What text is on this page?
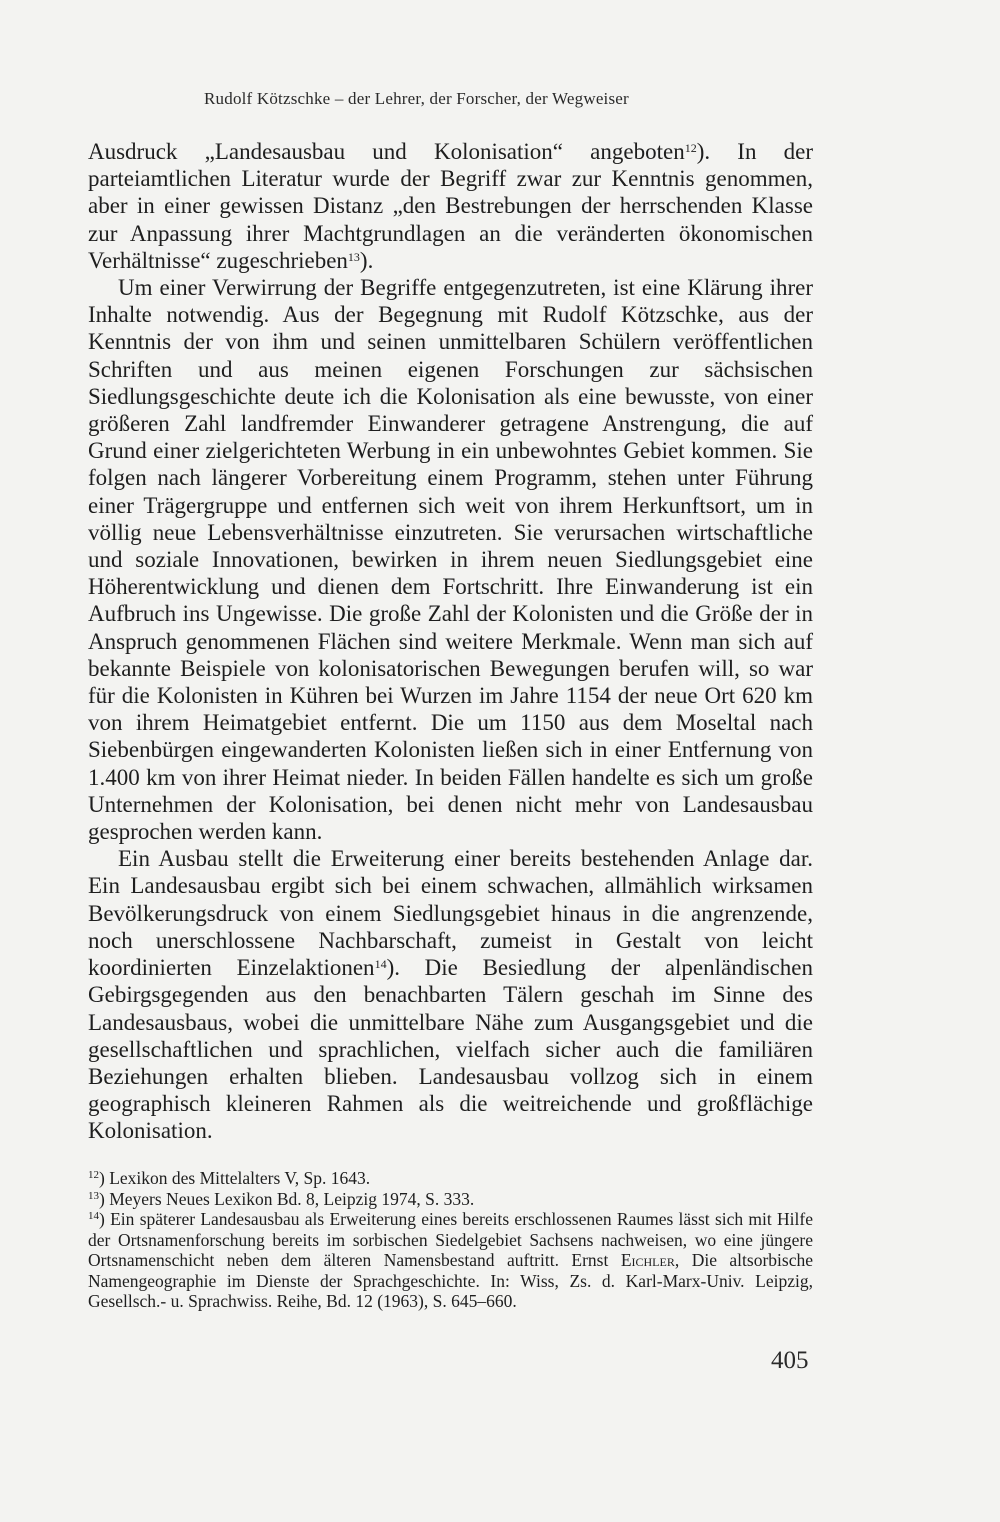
Rudolf Kötzschke – der Lehrer, der Forscher, der Wegweiser

Ausdruck „Landesausbau und Kolonisation“ angeboten$^{12}$). In der parteiamtlichen Literatur wurde der Begriff zwar zur Kenntnis genommen, aber in einer gewissen Distanz „den Bestrebungen der herrschenden Klasse zur Anpassung ihrer Machtgrundlagen an die veränderten ökonomischen Verhältnisse“ zugeschrieben$^{13}$).

Um einer Verwirrung der Begriffe entgegenzutreten, ist eine Klärung ihrer Inhalte notwendig. Aus der Begegnung mit Rudolf Kötzschke, aus der Kenntnis der von ihm und seinen unmittelbaren Schülern veröffentlichen Schriften und aus meinen eigenen Forschungen zur sächsischen Siedlungsgeschichte deute ich die Kolonisation als eine bewusste, von einer größeren Zahl landfremder Einwanderer getragene Anstrengung, die auf Grund einer zielgerichteten Werbung in ein unbewohntes Gebiet kommen. Sie folgen nach längerer Vorbereitung einem Programm, stehen unter Führung einer Trägergruppe und entfernen sich weit von ihrem Herkunftsort, um in völlig neue Lebensverhältnisse einzutreten. Sie verursachen wirtschaftliche und soziale Innovationen, bewirken in ihrem neuen Siedlungsgebiet eine Höherentwicklung und dienen dem Fortschritt. Ihre Einwanderung ist ein Aufbruch ins Ungewisse. Die große Zahl der Kolonisten und die Größe der in Anspruch genommenen Flächen sind weitere Merkmale. Wenn man sich auf bekannte Beispiele von kolonisatorischen Bewegungen berufen will, so war für die Kolonisten in Kühren bei Wurzen im Jahre 1154 der neue Ort 620 km von ihrem Heimatgebiet entfernt. Die um 1150 aus dem Moseltal nach Siebenbürgen eingewanderten Kolonisten ließen sich in einer Entfernung von 1.400 km von ihrer Heimat nieder. In beiden Fällen handelte es sich um große Unternehmen der Kolonisation, bei denen nicht mehr von Landesausbau gesprochen werden kann.

Ein Ausbau stellt die Erweiterung einer bereits bestehenden Anlage dar. Ein Landesausbau ergibt sich bei einem schwachen, allmählich wirksamen Bevölkerungsdruck von einem Siedlungsgebiet hinaus in die angrenzende, noch unerschlossene Nachbarschaft, zumeist in Gestalt von leicht koordinierten Einzelaktionen$^{14}$). Die Besiedlung der alpenländischen Gebirgsgegenden aus den benachbarten Tälern geschah im Sinne des Landesausbaus, wobei die unmittelbare Nähe zum Ausgangsgebiet und die gesellschaftlichen und sprachlichen, vielfach sicher auch die familiären Beziehungen erhalten blieben. Landesausbau vollzog sich in einem geographisch kleineren Rahmen als die weitreichende und großflächige Kolonisation.

$^{12}$) Lexikon des Mittelalters V, Sp. 1643.

$^{13}$) Meyers Neues Lexikon Bd. 8, Leipzig 1974, S. 333.

$^{14}$) Ein späterer Landesausbau als Erweiterung eines bereits erschlossenen Raumes lässt sich mit Hilfe der Ortsnamenforschung bereits im sorbischen Siedelgebiet Sachsens nachweisen, wo eine jüngere Ortsnamenschicht neben dem älteren Namensbestand auftritt. Ernst Eichler, Die altsorbische Namengeographie im Dienste der Sprachgeschichte. In: Wiss, Zs. d. Karl-Marx-Univ. Leipzig, Gesellsch.- u. Sprachwiss. Reihe, Bd. 12 (1963), S. 645–660.

405
